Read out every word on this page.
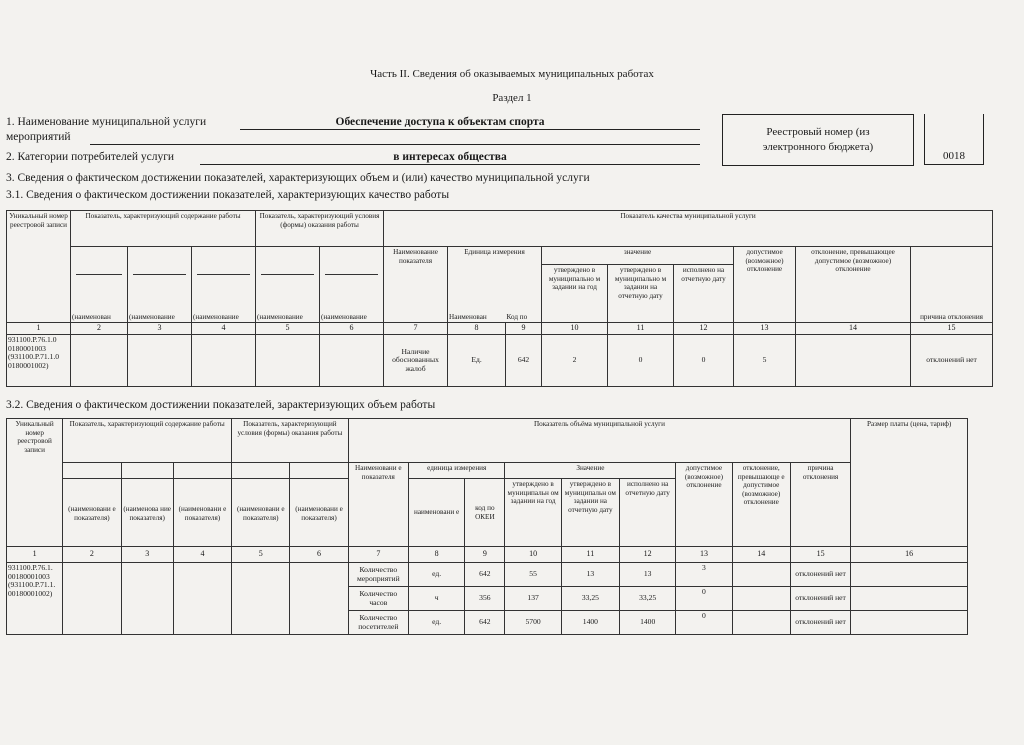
Часть II. Сведения об оказываемых муниципальных работах
Раздел 1
1. Наименование муниципальной услуги	Обеспечение доступа к объектам спорта
мероприятий
2. Категории потребителей услуги	в интересах общества
Реестровый номер (из электронного бюджета)
0018
3. Сведения о фактическом достижении показателей, характеризующих объем и (или) качество муниципальной услуги
3.1. Сведения о фактическом достижении показателей, характеризующих качество работы
Уникальный номер реестровой записи	Показатель, характеризующий содержание работы			Показатель, характеризующий условия (формы) оказания работы		Показатель качества муниципальной услуги								

	(наименован	(наименование	(наименование	(наименование	(наименование	Наименование показателя	Единица измерения		значение			допустимое (возможное) отклонение	отклонение, превышающее допустимое (возможное) отклонение	причина отклонения
							Наименован	Код по	утверждено в муниципально м задании на год	утверждено в муниципально м задании на отчетную дату	исполнено на отчетную дату			
1	2	3	4	5	6	7	8	9	10	11	12	13	14	15
931100.Р.76.1.0 0180001003 (931100.Р.71.1.0 0180001002)						Наличие обоснованных жалоб	Ед.	642	2	0	0	5		отклонений нет
3.2. Сведения о фактическом достижении показателей, зарактеризующих объем работы
Уникальный номер реестровой записи	Показатель, характеризующий содержание работы			Показатель, характеризующий условия (формы) оказания работы		Показатель объёма муниципальной услуги									Размер платы (цена, тариф)

	(наименовани е показателя)	(наименова ние показателя)	(наименовани е показателя)	(наименовани е показателя)	(наименовани е показателя)	Наименовани е показателя	единица измерения		Значение			допустимое (возможное) отклонение	отклонение, превышающе е допустимое (возможное) отклонение	причина отклонения	
							наименовани е	код по ОКЕИ	утверждено в муниципальн ом задании на год	утверждено в муниципальн ом задании на отчетную дату	исполнено на отчетную дату				
1	2	3	4	5	6	7	8	9	10	11	12	13	14	15	16
931100.Р.76.1. 00180001003 (931100.Р.71.1. 00180001002)						Количество мероприятий	ед.	642	55	13	13	3		отклонений нет	
						Количество часов	ч	356	137	33,25	33,25	0		отклонений нет	
						Количество посетителей	ед.	642	5700	1400	1400	0		отклонений нет	
